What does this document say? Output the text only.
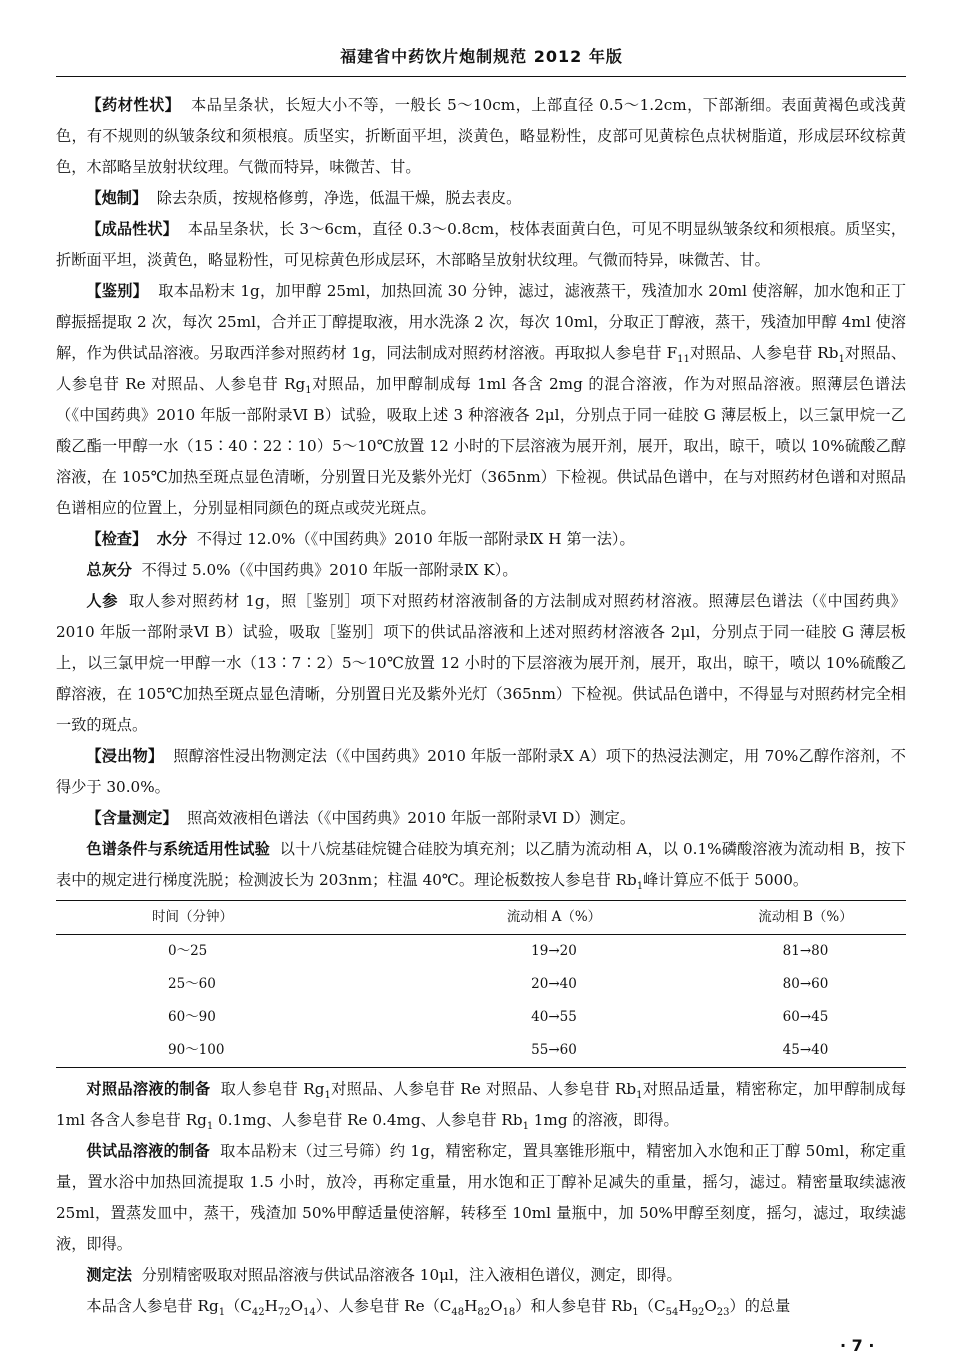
福建省中药饮片炮制规范 2012 年版

【药材性状】 本品呈条状，长短大小不等，一般长 5～10cm，上部直径 0.5～1.2cm，下部渐细。表面黄褐色或浅黄色，有不规则的纵皱条纹和须根痕。质坚实，折断面平坦，淡黄色，略显粉性，皮部可见黄棕色点状树脂道，形成层环纹棕黄色，木部略呈放射状纹理。气微而特异，味微苦、甘。

【炮制】 除去杂质，按规格修剪，净选，低温干燥，脱去表皮。

【成品性状】 本品呈条状，长 3～6cm，直径 0.3～0.8cm，枝体表面黄白色，可见不明显纵皱条纹和须根痕。质坚实，折断面平坦，淡黄色，略显粉性，可见棕黄色形成层环，木部略呈放射状纹理。气微而特异，味微苦、甘。

【鉴别】 取本品粉末 1g，加甲醇 25ml，加热回流 30 分钟，滤过，滤液蒸干，残渣加水 20ml 使溶解，加水饱和正丁醇振摇提取 2 次，每次 25ml，合并正丁醇提取液，用水洗涤 2 次，每次 10ml，分取正丁醇液，蒸干，残渣加甲醇 4ml 使溶解，作为供试品溶液。另取西洋参对照药材 1g，同法制成对照药材溶液。再取拟人参皂苷 $F_{11}$对照品、人参皂苷 $Rb_1$对照品、人参皂苷 Re 对照品、人参皂苷 $Rg_1$对照品，加甲醇制成每 1ml 各含 2mg 的混合溶液，作为对照品溶液。照薄层色谱法（《中国药典》2010 年版一部附录Ⅵ B）试验，吸取上述 3 种溶液各 2μl，分别点于同一硅胶 G 薄层板上，以三氯甲烷一乙酸乙酯一甲醇一水（15∶40∶22∶10）5～10℃放置 12 小时的下层溶液为展开剂，展开，取出，晾干，喷以 10%硫酸乙醇溶液，在 105℃加热至斑点显色清晰，分别置日光及紫外光灯（365nm）下检视。供试品色谱中，在与对照药材色谱和对照品色谱相应的位置上，分别显相同颜色的斑点或荧光斑点。

【检查】 水分 不得过 12.0%（《中国药典》2010 年版一部附录Ⅸ H 第一法）。

总灰分 不得过 5.0%（《中国药典》2010 年版一部附录Ⅸ K）。

人参 取人参对照药材 1g，照［鉴别］项下对照药材溶液制备的方法制成对照药材溶液。照薄层色谱法（《中国药典》2010 年版一部附录Ⅵ B）试验，吸取［鉴别］项下的供试品溶液和上述对照药材溶液各 2μl，分别点于同一硅胶 G 薄层板上，以三氯甲烷一甲醇一水（13∶7∶2）5～10℃放置 12 小时的下层溶液为展开剂，展开，取出，晾干，喷以 10%硫酸乙醇溶液，在 105℃加热至斑点显色清晰，分别置日光及紫外光灯（365nm）下检视。供试品色谱中，不得显与对照药材完全相一致的斑点。

【浸出物】 照醇溶性浸出物测定法（《中国药典》2010 年版一部附录Ⅹ A）项下的热浸法测定，用 70%乙醇作溶剂，不得少于 30.0%。

【含量测定】 照高效液相色谱法（《中国药典》2010 年版一部附录Ⅵ D）测定。

色谱条件与系统适用性试验 以十八烷基硅烷键合硅胶为填充剂；以乙腈为流动相 A，以 0.1%磷酸溶液为流动相 B，按下表中的规定进行梯度洗脱；检测波长为 203nm；柱温 40℃。理论板数按人参皂苷 $Rb_1$峰计算应不低于 5000。

时间（分钟）	流动相 A（%）	流动相 B（%）
0～25	19→20	81→80
25～60	20→40	80→60
60～90	40→55	60→45
90～100	55→60	45→40

对照品溶液的制备 取人参皂苷 $Rg_1$对照品、人参皂苷 Re 对照品、人参皂苷 $Rb_1$对照品适量，精密称定，加甲醇制成每 1ml 各含人参皂苷 $Rg_1$ 0.1mg、人参皂苷 Re 0.4mg、人参皂苷 $Rb_1$ 1mg 的溶液，即得。

供试品溶液的制备 取本品粉末（过三号筛）约 1g，精密称定，置具塞锥形瓶中，精密加入水饱和正丁醇 50ml，称定重量，置水浴中加热回流提取 1.5 小时，放冷，再称定重量，用水饱和正丁醇补足减失的重量，摇匀，滤过。精密量取续滤液 25ml，置蒸发皿中，蒸干，残渣加 50%甲醇适量使溶解，转移至 10ml 量瓶中，加 50%甲醇至刻度，摇匀，滤过，取续滤液，即得。

测定法 分别精密吸取对照品溶液与供试品溶液各 10μl，注入液相色谱仪，测定，即得。

本品含人参皂苷 $Rg_1(C_{42}H_{72}O_{14})$、人参皂苷 $Re(C_{48}H_{82}O_{18})$和人参皂苷 $Rb_1(C_{54}H_{92}O_{23})$的总量

· 7 ·
